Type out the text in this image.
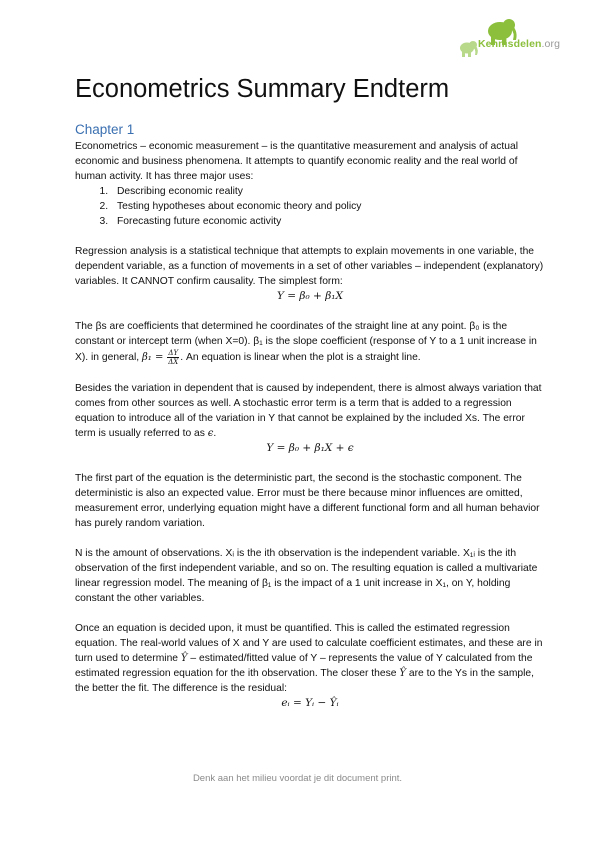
Kennisdelen.org
Econometrics Summary Endterm
Chapter 1

Econometrics – economic measurement – is the quantitative measurement and analysis of actual economic and business phenomena. It attempts to quantify economic reality and the real world of human activity. It has three major uses:

1. Describing economic reality
2. Testing hypotheses about economic theory and policy
3. Forecasting future economic activity

Regression analysis is a statistical technique that attempts to explain movements in one variable, the dependent variable, as a function of movements in a set of other variables – independent (explanatory) variables. It CANNOT confirm causality. The simplest form:

Y = β₀ + β₁X

The βs are coefficients that determined he coordinates of the straight line at any point. β₀ is the constant or intercept term (when X=0). β₁ is the slope coefficient (response of Y to a 1 unit increase in X). in general, $\beta_1 = \frac{\Delta Y}{\Delta X}$ . An equation is linear when the plot is a straight line.

Besides the variation in dependent that is caused by independent, there is almost always variation that comes from other sources as well. A stochastic error term is a term that is added to a regression equation to introduce all of the variation in Y that cannot be explained by the included Xs. The error term is usually referred to as ϵ.

Y = β₀ + β₁X + ϵ

The first part of the equation is the deterministic part, the second is the stochastic component. The deterministic is also an expected value. Error must be there because minor influences are omitted, measurement error, underlying equation might have a different functional form and all human behavior has purely random variation.

N is the amount of observations. Xᵢ is the ith observation is the independent variable. X₁ᵢ is the ith observation of the first independent variable, and so on. The resulting equation is called a multivariate linear regression model. The meaning of β₁ is the impact of a 1 unit increase in X₁, on Y, holding constant the other variables.

Once an equation is decided upon, it must be quantified. This is called the estimated regression equation. The real-world values of X and Y are used to calculate coefficient estimates, and these are in turn used to determine Ŷ – estimated/fitted value of Y – represents the value of Y calculated from the estimated regression equation for the ith observation. The closer these Ŷ are to the Ys in the sample, the better the fit. The difference is the residual:

eᵢ = Yᵢ − Ŷᵢ
Denk aan het milieu voordat je dit document print.
